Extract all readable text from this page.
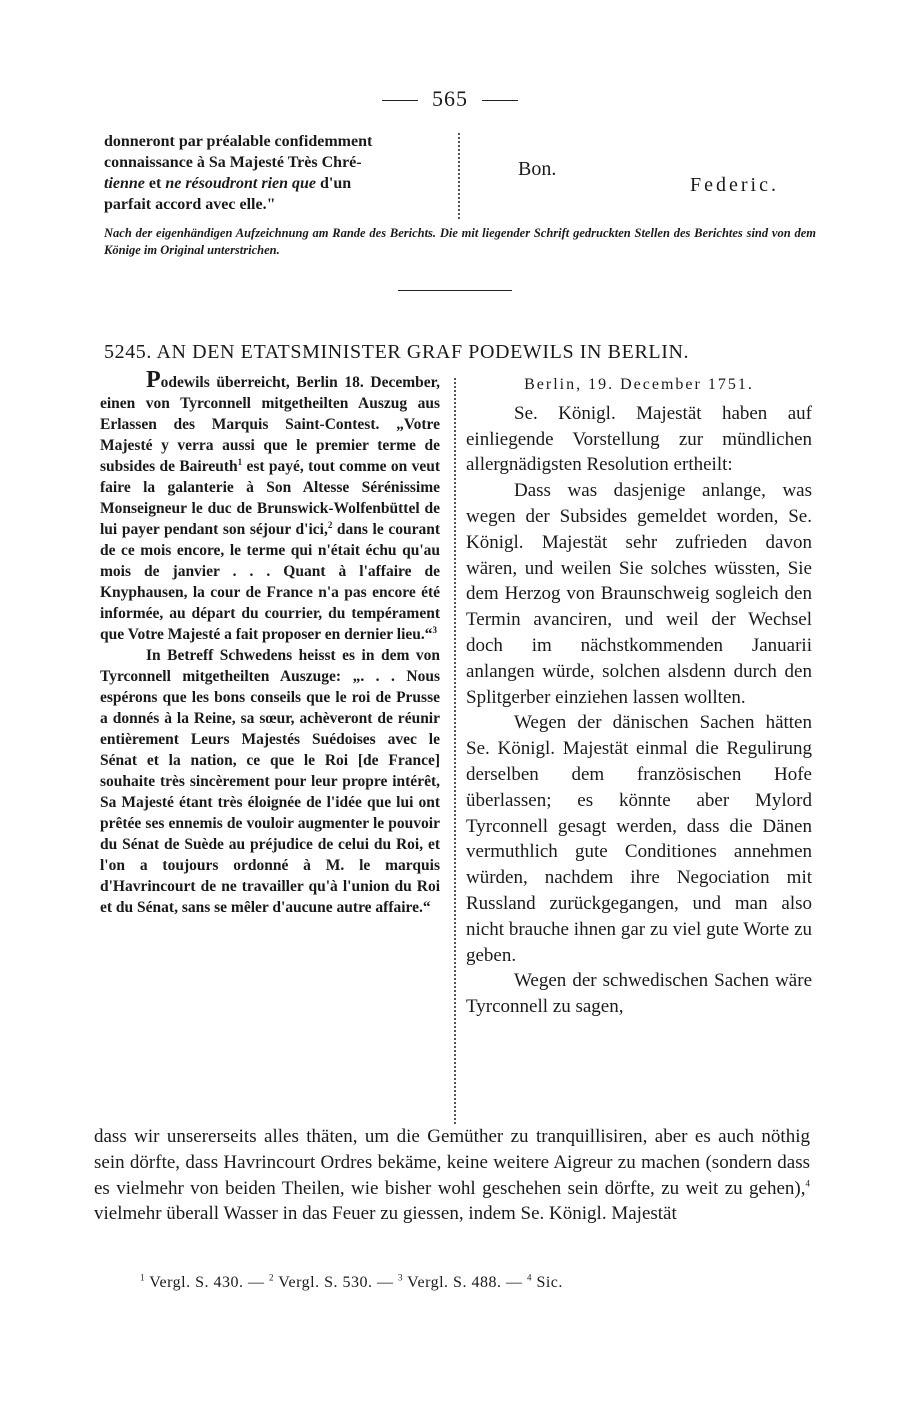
565
donneront par préalable confidemment
connaissance à Sa Majesté Très Chré-
tienne et ne résoudront rien que d'un
parfait accord avec elle."
Bon.
Federic.
Nach der eigenhändigen Aufzeichnung am Rande des Berichts. Die mit liegender Schrift gedruckten Stellen des Berichtes sind von dem Könige im Original unterstrichen.
5245. AN DEN ETATSMINISTER GRAF PODEWILS IN BERLIN.

Podewils überreicht, Berlin 18. December, einen von Tyrconnell mitgetheilten Auszug aus Erlassen des Marquis Saint-Contest. „Votre Majesté y verra aussi que le premier terme de subsides de Baireuth$^1$ est payé, tout comme on veut faire la galanterie à Son Altesse Sérénissime Monseigneur le duc de Brunswick-Wolfenbüttel de lui payer pendant son séjour d'ici,$^2$ dans le courant de ce mois encore, le terme qui n'était échu qu'au mois de janvier . . . Quant à l'affaire de Knyphausen, la cour de France n'a pas encore été informée, au départ du courrier, du tempérament que Votre Majesté a fait proposer en dernier lieu.“$^3$

In Betreff Schwedens heisst es in dem von Tyrconnell mitgetheilten Auszuge: „. . . Nous espérons que les bons conseils que le roi de Prusse a donnés à la Reine, sa sœur, achèveront de réunir entièrement Leurs Majestés Suédoises avec le Sénat et la nation, ce que le Roi [de France] souhaite très sincèrement pour leur propre intérêt, Sa Majesté étant très éloignée de l'idée que lui ont prêtée ses ennemis de vouloir augmenter le pouvoir du Sénat de Suède au préjudice de celui du Roi, et l'on a toujours ordonné à M. le marquis d'Havrincourt de ne travailler qu'à l'union du Roi et du Sénat, sans se mêler d'aucune autre affaire.“

Berlin, 19. December 1751.

Se. Königl. Majestät haben auf einliegende Vorstellung zur mündlichen allergnädigsten Resolution ertheilt:

Dass was dasjenige anlange, was wegen der Subsides gemeldet worden, Se. Königl. Majestät sehr zufrieden davon wären, und weilen Sie solches wüssten, Sie dem Herzog von Braunschweig sogleich den Termin avanciren, und weil der Wechsel doch im nächstkommenden Januarii anlangen würde, solchen alsdenn durch den Splitgerber einziehen lassen wollten.

Wegen der dänischen Sachen hätten Se. Königl. Majestät einmal die Regulirung derselben dem französischen Hofe überlassen; es könnte aber Mylord Tyrconnell gesagt werden, dass die Dänen vermuthlich gute Conditiones annehmen würden, nachdem ihre Negociation mit Russland zurückgegangen, und man also nicht brauche ihnen gar zu viel gute Worte zu geben.

Wegen der schwedischen Sachen wäre Tyrconnell zu sagen,

dass wir unsererseits alles thäten, um die Gemüther zu tranquillisiren, aber es auch nöthig sein dörfte, dass Havrincourt Ordres bekäme, keine weitere Aigreur zu machen (sondern dass es vielmehr von beiden Theilen, wie bisher wohl geschehen sein dörfte, zu weit zu gehen),$^4$ vielmehr überall Wasser in das Feuer zu giessen, indem Se. Königl. Majestät
$^1$ Vergl. S. 430. — $^2$ Vergl. S. 530. — $^3$ Vergl. S. 488. — $^4$ Sic.
